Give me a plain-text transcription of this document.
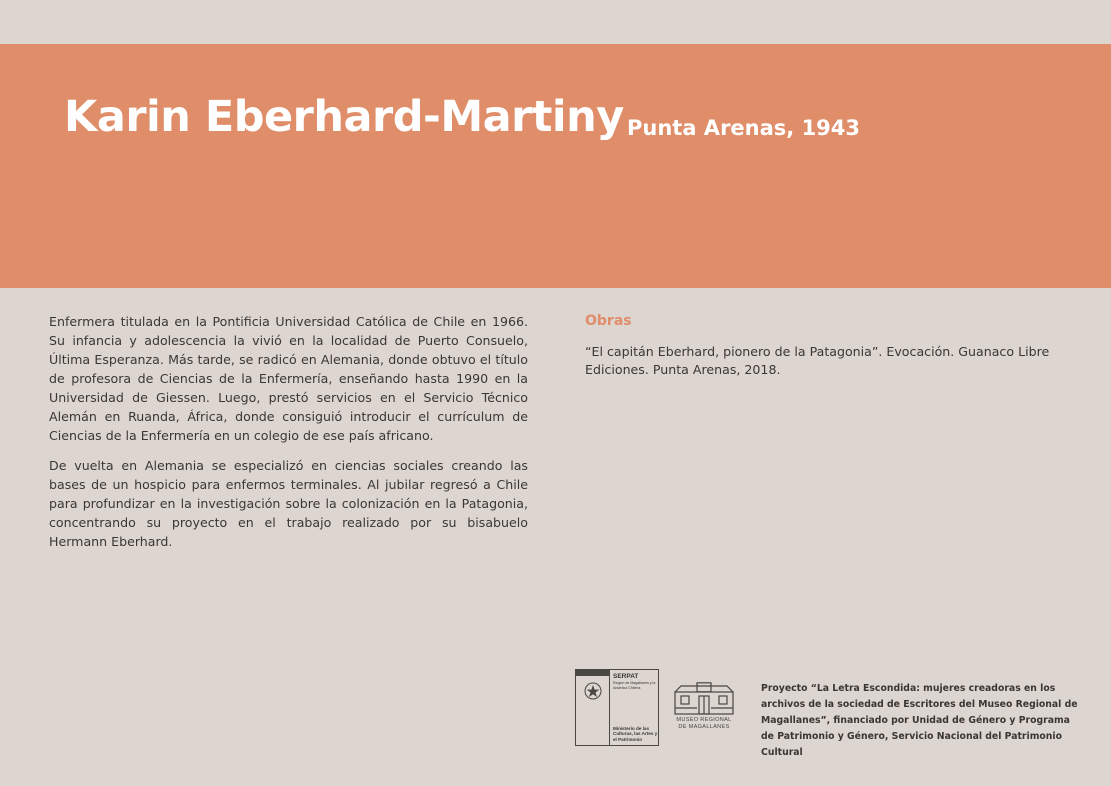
Karin Eberhard-Martiny Punta Arenas, 1943

Enfermera titulada en la Pontificia Universidad Católica de Chile en 1966. Su infancia y adolescencia la vivió en la localidad de Puerto Consuelo, Última Esperanza. Más tarde, se radicó en Alemania, donde obtuvo el título de profesora de Ciencias de la Enfermería, enseñando hasta 1990 en la Universidad de Giessen. Luego, prestó servicios en el Servicio Técnico Alemán en Ruanda, África, donde consiguió introducir el currículum de Ciencias de la Enfermería en un colegio de ese país africano.

De vuelta en Alemania se especializó en ciencias sociales creando las bases de un hospicio para enfermos terminales. Al jubilar regresó a Chile para profundizar en la investigación sobre la colonización en la Patagonia, concentrando su proyecto en el trabajo realizado por su bisabuelo Hermann Eberhard.

Obras
“El capitán Eberhard, pionero de la Patagonia”. Evocación. Guanaco Libre Ediciones. Punta Arenas, 2018.
SERPAT
Región de Magallanes y la Antártica Chilena
Ministerio de las Culturas, las Artes y el Patrimonio
MUSEO REGIONAL
DE MAGALLANES
Proyecto “La Letra Escondida: mujeres creadoras en los archivos de la sociedad de Escritores del Museo Regional de Magallanes”, financiado por Unidad de Género y Programa de Patrimonio y Género, Servicio Nacional del Patrimonio Cultural
